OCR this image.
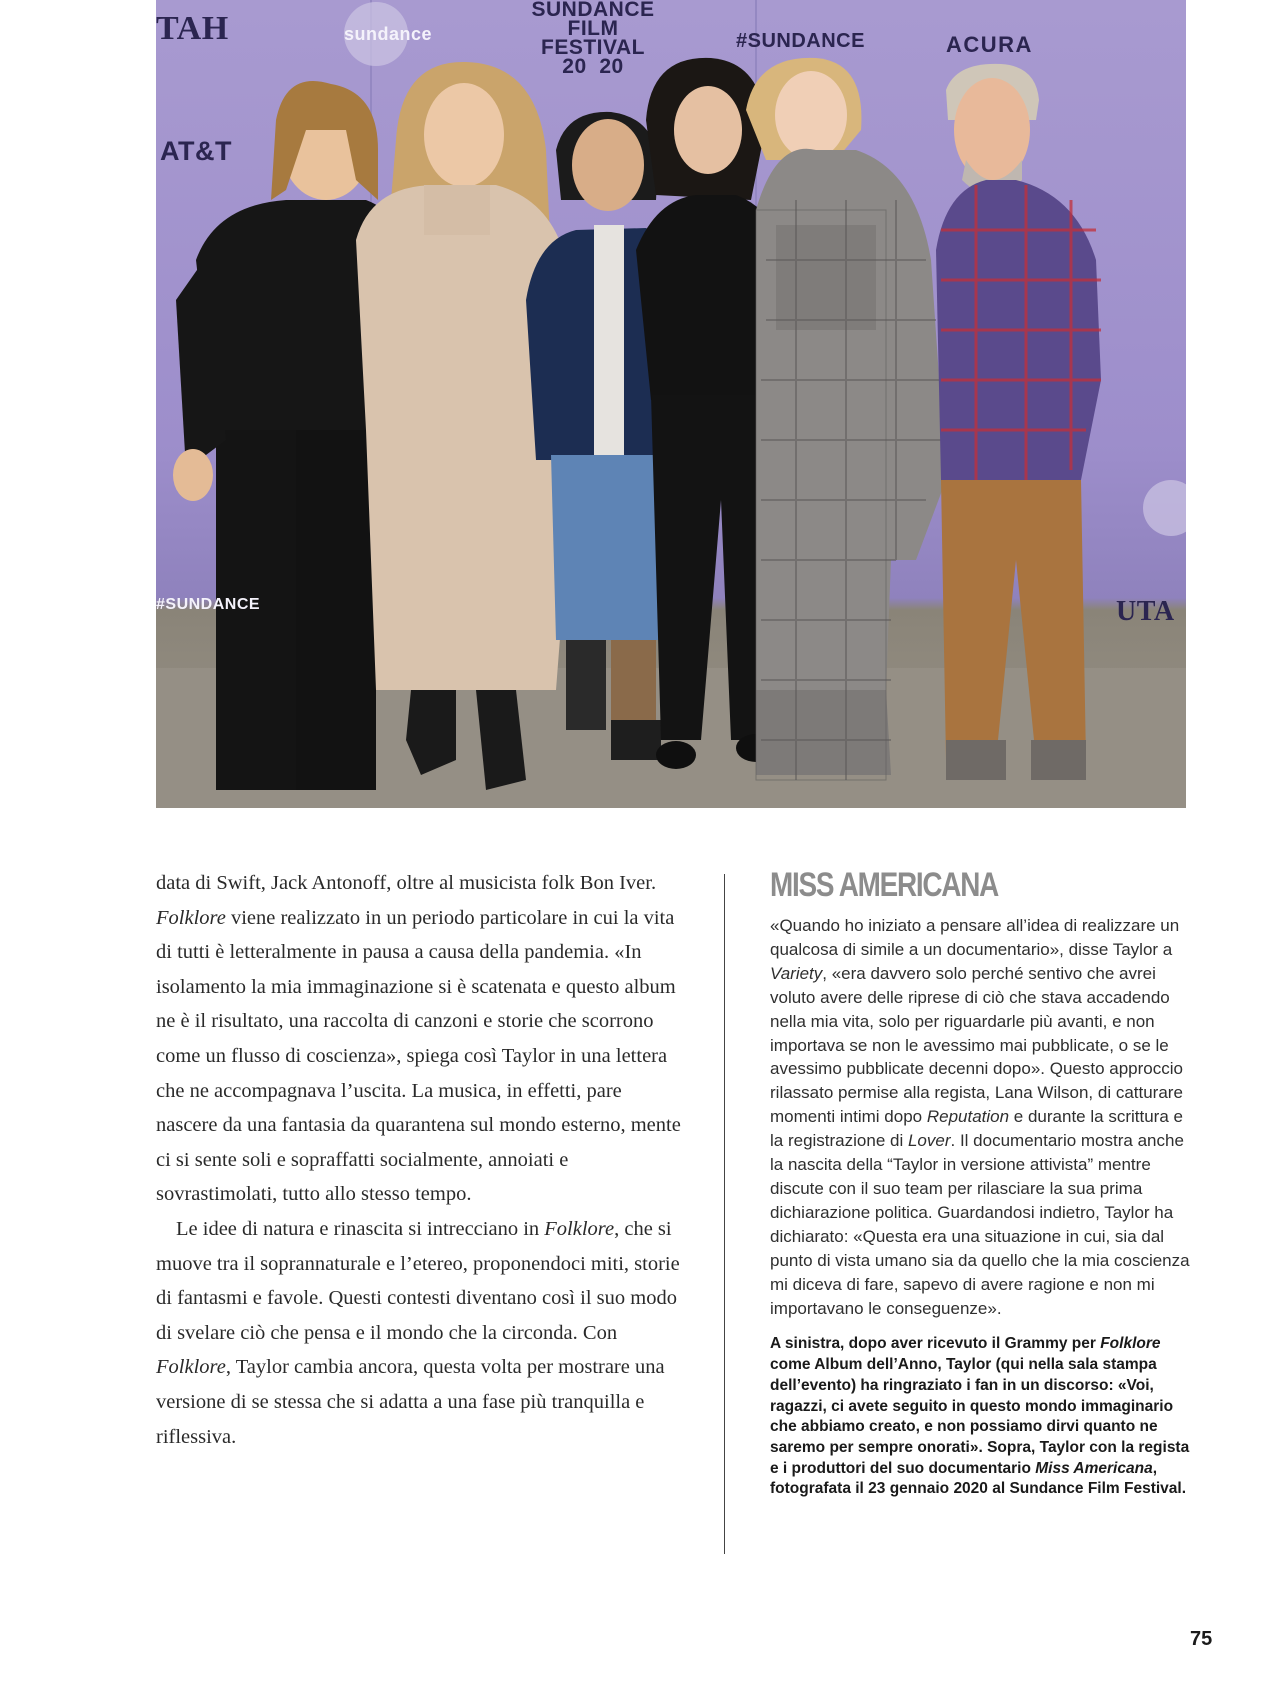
TAH	sundance
SUNDANCE
FILM
FESTIVAL
20  20
#SUNDANCE	ACURA
AT&T
#SUNDANCE	UTA

data di Swift, Jack Antonoff, oltre al musicista folk Bon Iver. Folklore viene realizzato in un periodo particolare in cui la vita di tutti è letteralmente in pausa a causa della pandemia. «In isolamento la mia immaginazione si è scatenata e questo album ne è il risultato, una raccolta di canzoni e storie che scorrono come un flusso di coscienza», spiega così Taylor in una lettera che ne accompagnava l’uscita. La musica, in effetti, pare nascere da una fantasia da quarantena sul mondo esterno, mente ci si sente soli e sopraffatti socialmente, annoiati e sovrastimolati, tutto allo stesso tempo.

Le idee di natura e rinascita si intrecciano in Folklore, che si muove tra il soprannaturale e l’etereo, proponendoci miti, storie di fantasmi e favole. Questi contesti diventano così il suo modo di svelare ciò che pensa e il mondo che la circonda. Con Folklore, Taylor cambia ancora, questa volta per mostrare una versione di se stessa che si adatta a una fase più tranquilla e riflessiva.

MISS AMERICANA

«Quando ho iniziato a pensare all’idea di realizzare un qualcosa di simile a un documentario», disse Taylor a Variety, «era davvero solo perché sentivo che avrei voluto avere delle riprese di ciò che stava accadendo nella mia vita, solo per riguardarle più avanti, e non importava se non le avessimo mai pubblicate, o se le avessimo pubblicate decenni dopo». Questo approccio rilassato permise alla regista, Lana Wilson, di catturare momenti intimi dopo Reputation e durante la scrittura e la registrazione di Lover. Il documentario mostra anche la nascita della “Taylor in versione attivista” mentre discute con il suo team per rilasciare la sua prima dichiarazione politica. Guardandosi indietro, Taylor ha dichiarato: «Questa era una situazione in cui, sia dal punto di vista umano sia da quello che la mia coscienza mi diceva di fare, sapevo di avere ragione e non mi importavano le conseguenze».

A sinistra, dopo aver ricevuto il Grammy per Folklore come Album dell’Anno, Taylor (qui nella sala stampa dell’evento) ha ringraziato i fan in un discorso: «Voi, ragazzi, ci avete seguito in questo mondo immaginario che abbiamo creato, e non possiamo dirvi quanto ne saremo per sempre onorati». Sopra, Taylor con la regista e i produttori del suo documentario Miss Americana, fotografata il 23 gennaio 2020 al Sundance Film Festival.

75
